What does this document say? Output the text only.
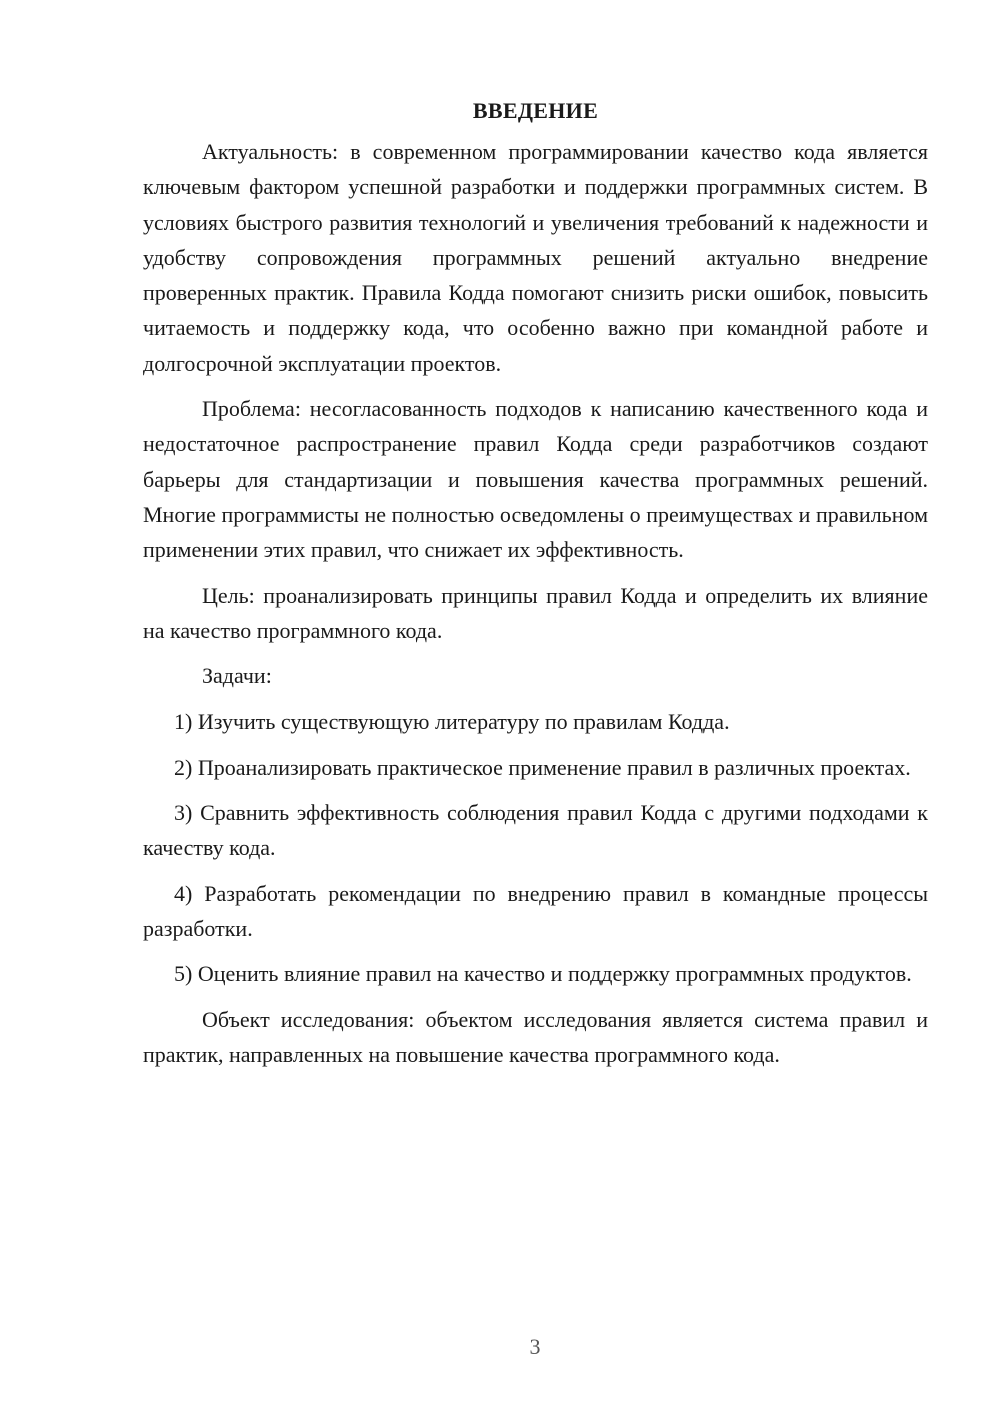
ВВЕДЕНИЕ

Актуальность: в современном программировании качество кода является ключевым фактором успешной разработки и поддержки программных систем. В условиях быстрого развития технологий и увеличения требований к надежности и удобству сопровождения программных решений актуально внедрение проверенных практик. Правила Кодда помогают снизить риски ошибок, повысить читаемость и поддержку кода, что особенно важно при командной работе и долгосрочной эксплуатации проектов.

Проблема: несогласованность подходов к написанию качественного кода и недостаточное распространение правил Кодда среди разработчиков создают барьеры для стандартизации и повышения качества программных решений. Многие программисты не полностью осведомлены о преимуществах и правильном применении этих правил, что снижает их эффективность.

Цель: проанализировать принципы правил Кодда и определить их влияние на качество программного кода.

Задачи:

1) Изучить существующую литературу по правилам Кодда.

2) Проанализировать практическое применение правил в различных проектах.

3) Сравнить эффективность соблюдения правил Кодда с другими подходами к качеству кода.

4) Разработать рекомендации по внедрению правил в командные процессы разработки.

5) Оценить влияние правил на качество и поддержку программных продуктов.

Объект исследования: объектом исследования является система правил и практик, направленных на повышение качества программного кода.

3
